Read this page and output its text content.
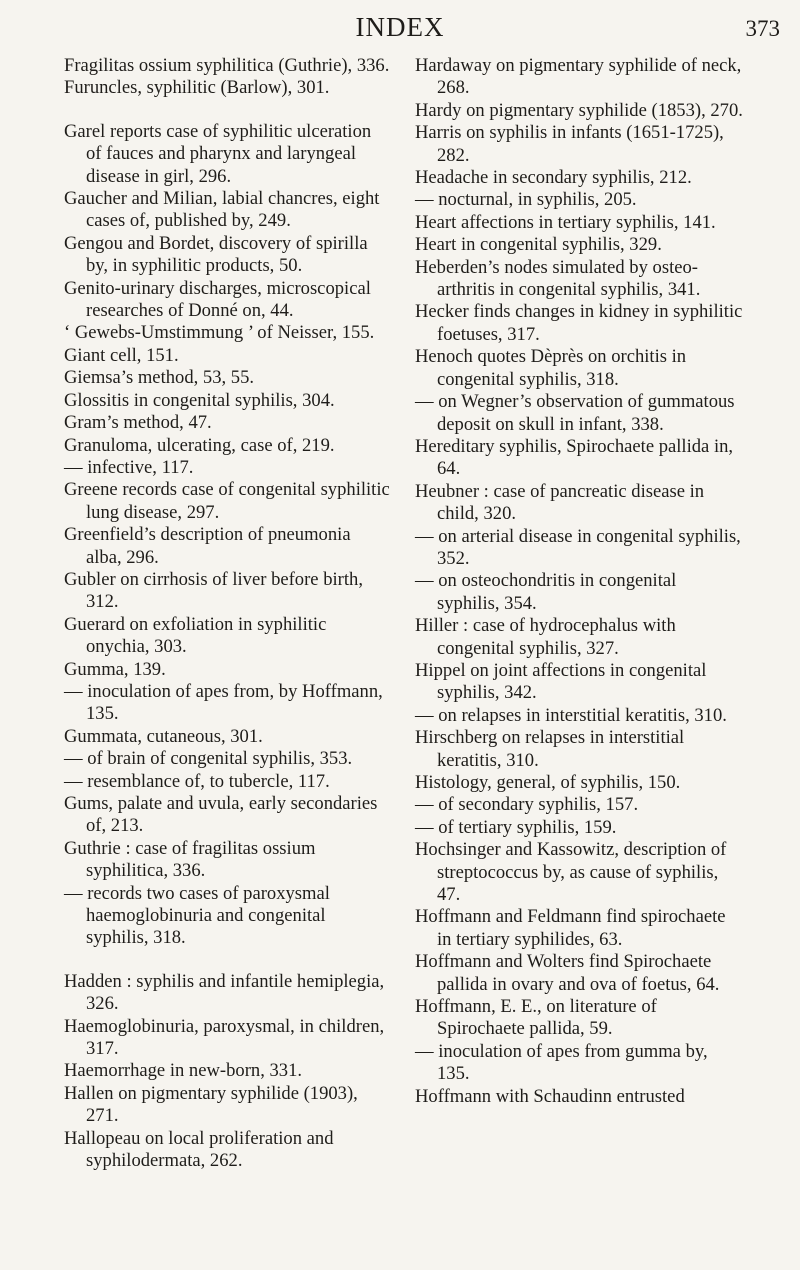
INDEX	373

Fragilitas ossium syphilitica (Guthrie), 336.

Furuncles, syphilitic (Barlow), 301.

Garel reports case of syphilitic ulceration of fauces and pharynx and laryngeal disease in girl, 296.

Gaucher and Milian, labial chancres, eight cases of, published by, 249.

Gengou and Bordet, discovery of spirilla by, in syphilitic products, 50.

Genito-urinary discharges, microscopical researches of Donné on, 44.

‘ Gewebs-Umstimmung ’ of Neisser, 155.

Giant cell, 151.

Giemsa’s method, 53, 55.

Glossitis in congenital syphilis, 304.

Gram’s method, 47.

Granuloma, ulcerating, case of, 219.

— infective, 117.

Greene records case of congenital syphilitic lung disease, 297.

Greenfield’s description of pneumonia alba, 296.

Gubler on cirrhosis of liver before birth, 312.

Guerard on exfoliation in syphilitic onychia, 303.

Gumma, 139.

— inoculation of apes from, by Hoffmann, 135.

Gummata, cutaneous, 301.

— of brain of congenital syphilis, 353.

— resemblance of, to tubercle, 117.

Gums, palate and uvula, early secondaries of, 213.

Guthrie : case of fragilitas ossium syphilitica, 336.

— records two cases of paroxysmal haemoglobinuria and congenital syphilis, 318.

Hadden : syphilis and infantile hemiplegia, 326.

Haemoglobinuria, paroxysmal, in children, 317.

Haemorrhage in new-born, 331.

Hallen on pigmentary syphilide (1903), 271.

Hallopeau on local proliferation and syphilodermata, 262.

Hardaway on pigmentary syphilide of neck, 268.

Hardy on pigmentary syphilide (1853), 270.

Harris on syphilis in infants (1651-1725), 282.

Headache in secondary syphilis, 212.

— nocturnal, in syphilis, 205.

Heart affections in tertiary syphilis, 141.

Heart in congenital syphilis, 329.

Heberden’s nodes simulated by osteo-arthritis in congenital syphilis, 341.

Hecker finds changes in kidney in syphilitic foetuses, 317.

Henoch quotes Dèprès on orchitis in congenital syphilis, 318.

— on Wegner’s observation of gummatous deposit on skull in infant, 338.

Hereditary syphilis, Spirochaete pallida in, 64.

Heubner : case of pancreatic disease in child, 320.

— on arterial disease in congenital syphilis, 352.

— on osteochondritis in congenital syphilis, 354.

Hiller : case of hydrocephalus with congenital syphilis, 327.

Hippel on joint affections in congenital syphilis, 342.

— on relapses in interstitial keratitis, 310.

Hirschberg on relapses in interstitial keratitis, 310.

Histology, general, of syphilis, 150.

— of secondary syphilis, 157.

— of tertiary syphilis, 159.

Hochsinger and Kassowitz, description of streptococcus by, as cause of syphilis, 47.

Hoffmann and Feldmann find spirochaete in tertiary syphilides, 63.

Hoffmann and Wolters find Spirochaete pallida in ovary and ova of foetus, 64.

Hoffmann, E. E., on literature of Spirochaete pallida, 59.

— inoculation of apes from gumma by, 135.

Hoffmann with Schaudinn entrusted
